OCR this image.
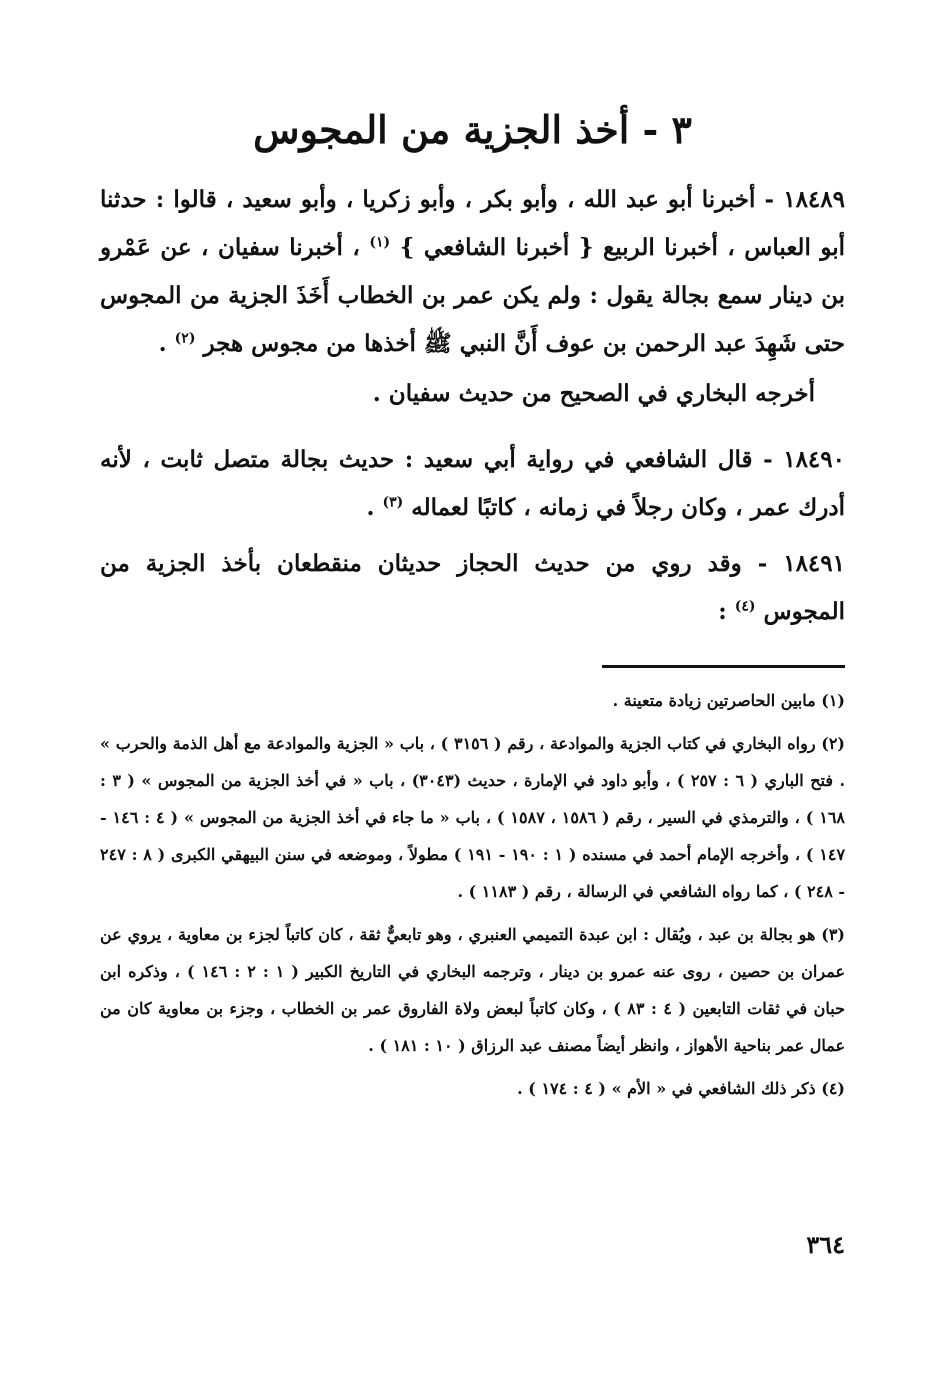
٣ - أخذ الجزية من المجوس

١٨٤٨٩ - أخبرنا أبو عبد الله ، وأبو بكر ، وأبو زكريا ، وأبو سعيد ، قالوا : حدثنا أبو العباس ، أخبرنا الربيع { أخبرنا الشافعي } $^{(١)}$ ، أخبرنا سفيان ، عن عَمْرو بن دينار سمع بجالة يقول : ولم يكن عمر بن الخطاب أَخَذَ الجزية من المجوس حتى شَهِدَ عبد الرحمن بن عوف أَنَّ النبي ﷺ أخذها من مجوس هجر $^{(٢)}$ .

أخرجه البخاري في الصحيح من حديث سفيان .

١٨٤٩٠ - قال الشافعي في رواية أبي سعيد : حديث بجالة متصل ثابت ، لأنه أدرك عمر ، وكان رجلاً في زمانه ، كاتبًا لعماله $^{(٣)}$ .

١٨٤٩١ - وقد روي من حديث الحجاز حديثان منقطعان بأخذ الجزية من المجوس $^{(٤)}$ :

(١) مابين الحاصرتين زيادة متعينة .

(٢) رواه البخاري في كتاب الجزية والموادعة ، رقم ( ٣١٥٦ ) ، باب « الجزية والموادعة مع أهل الذمة والحرب » . فتح الباري ( ٦ : ٢٥٧ ) ، وأبو داود في الإمارة ، حديث (٣٠٤٣) ، باب « في أخذ الجزية من المجوس » ( ٣ : ١٦٨ ) ، والترمذي في السير ، رقم ( ١٥٨٦ ، ١٥٨٧ ) ، باب « ما جاء في أخذ الجزية من المجوس » ( ٤ : ١٤٦ - ١٤٧ ) ، وأخرجه الإمام أحمد في مسنده ( ١ : ١٩٠ - ١٩١ ) مطولاً ، وموضعه في سنن البيهقي الكبرى ( ٨ : ٢٤٧ - ٢٤٨ ) ، كما رواه الشافعي في الرسالة ، رقم ( ١١٨٣ ) .

(٣) هو بجالة بن عبد ، ويُقال : ابن عبدة التميمي العنبري ، وهو تابعيٌّ ثقة ، كان كاتباً لجزء بن معاوية ، يروي عن عمران بن حصين ، روى عنه عمرو بن دينار ، وترجمه البخاري في التاريخ الكبير ( ١ : ٢ : ١٤٦ ) ، وذكره ابن حبان في ثقات التابعين ( ٤ : ٨٣ ) ، وكان كاتباً لبعض ولاة الفاروق عمر بن الخطاب ، وجزء بن معاوية كان من عمال عمر بناحية الأهواز ، وانظر أيضاً مصنف عبد الرزاق ( ١٠ : ١٨١ ) .

(٤) ذكر ذلك الشافعي في « الأم » ( ٤ : ١٧٤ ) .

٣٦٤
